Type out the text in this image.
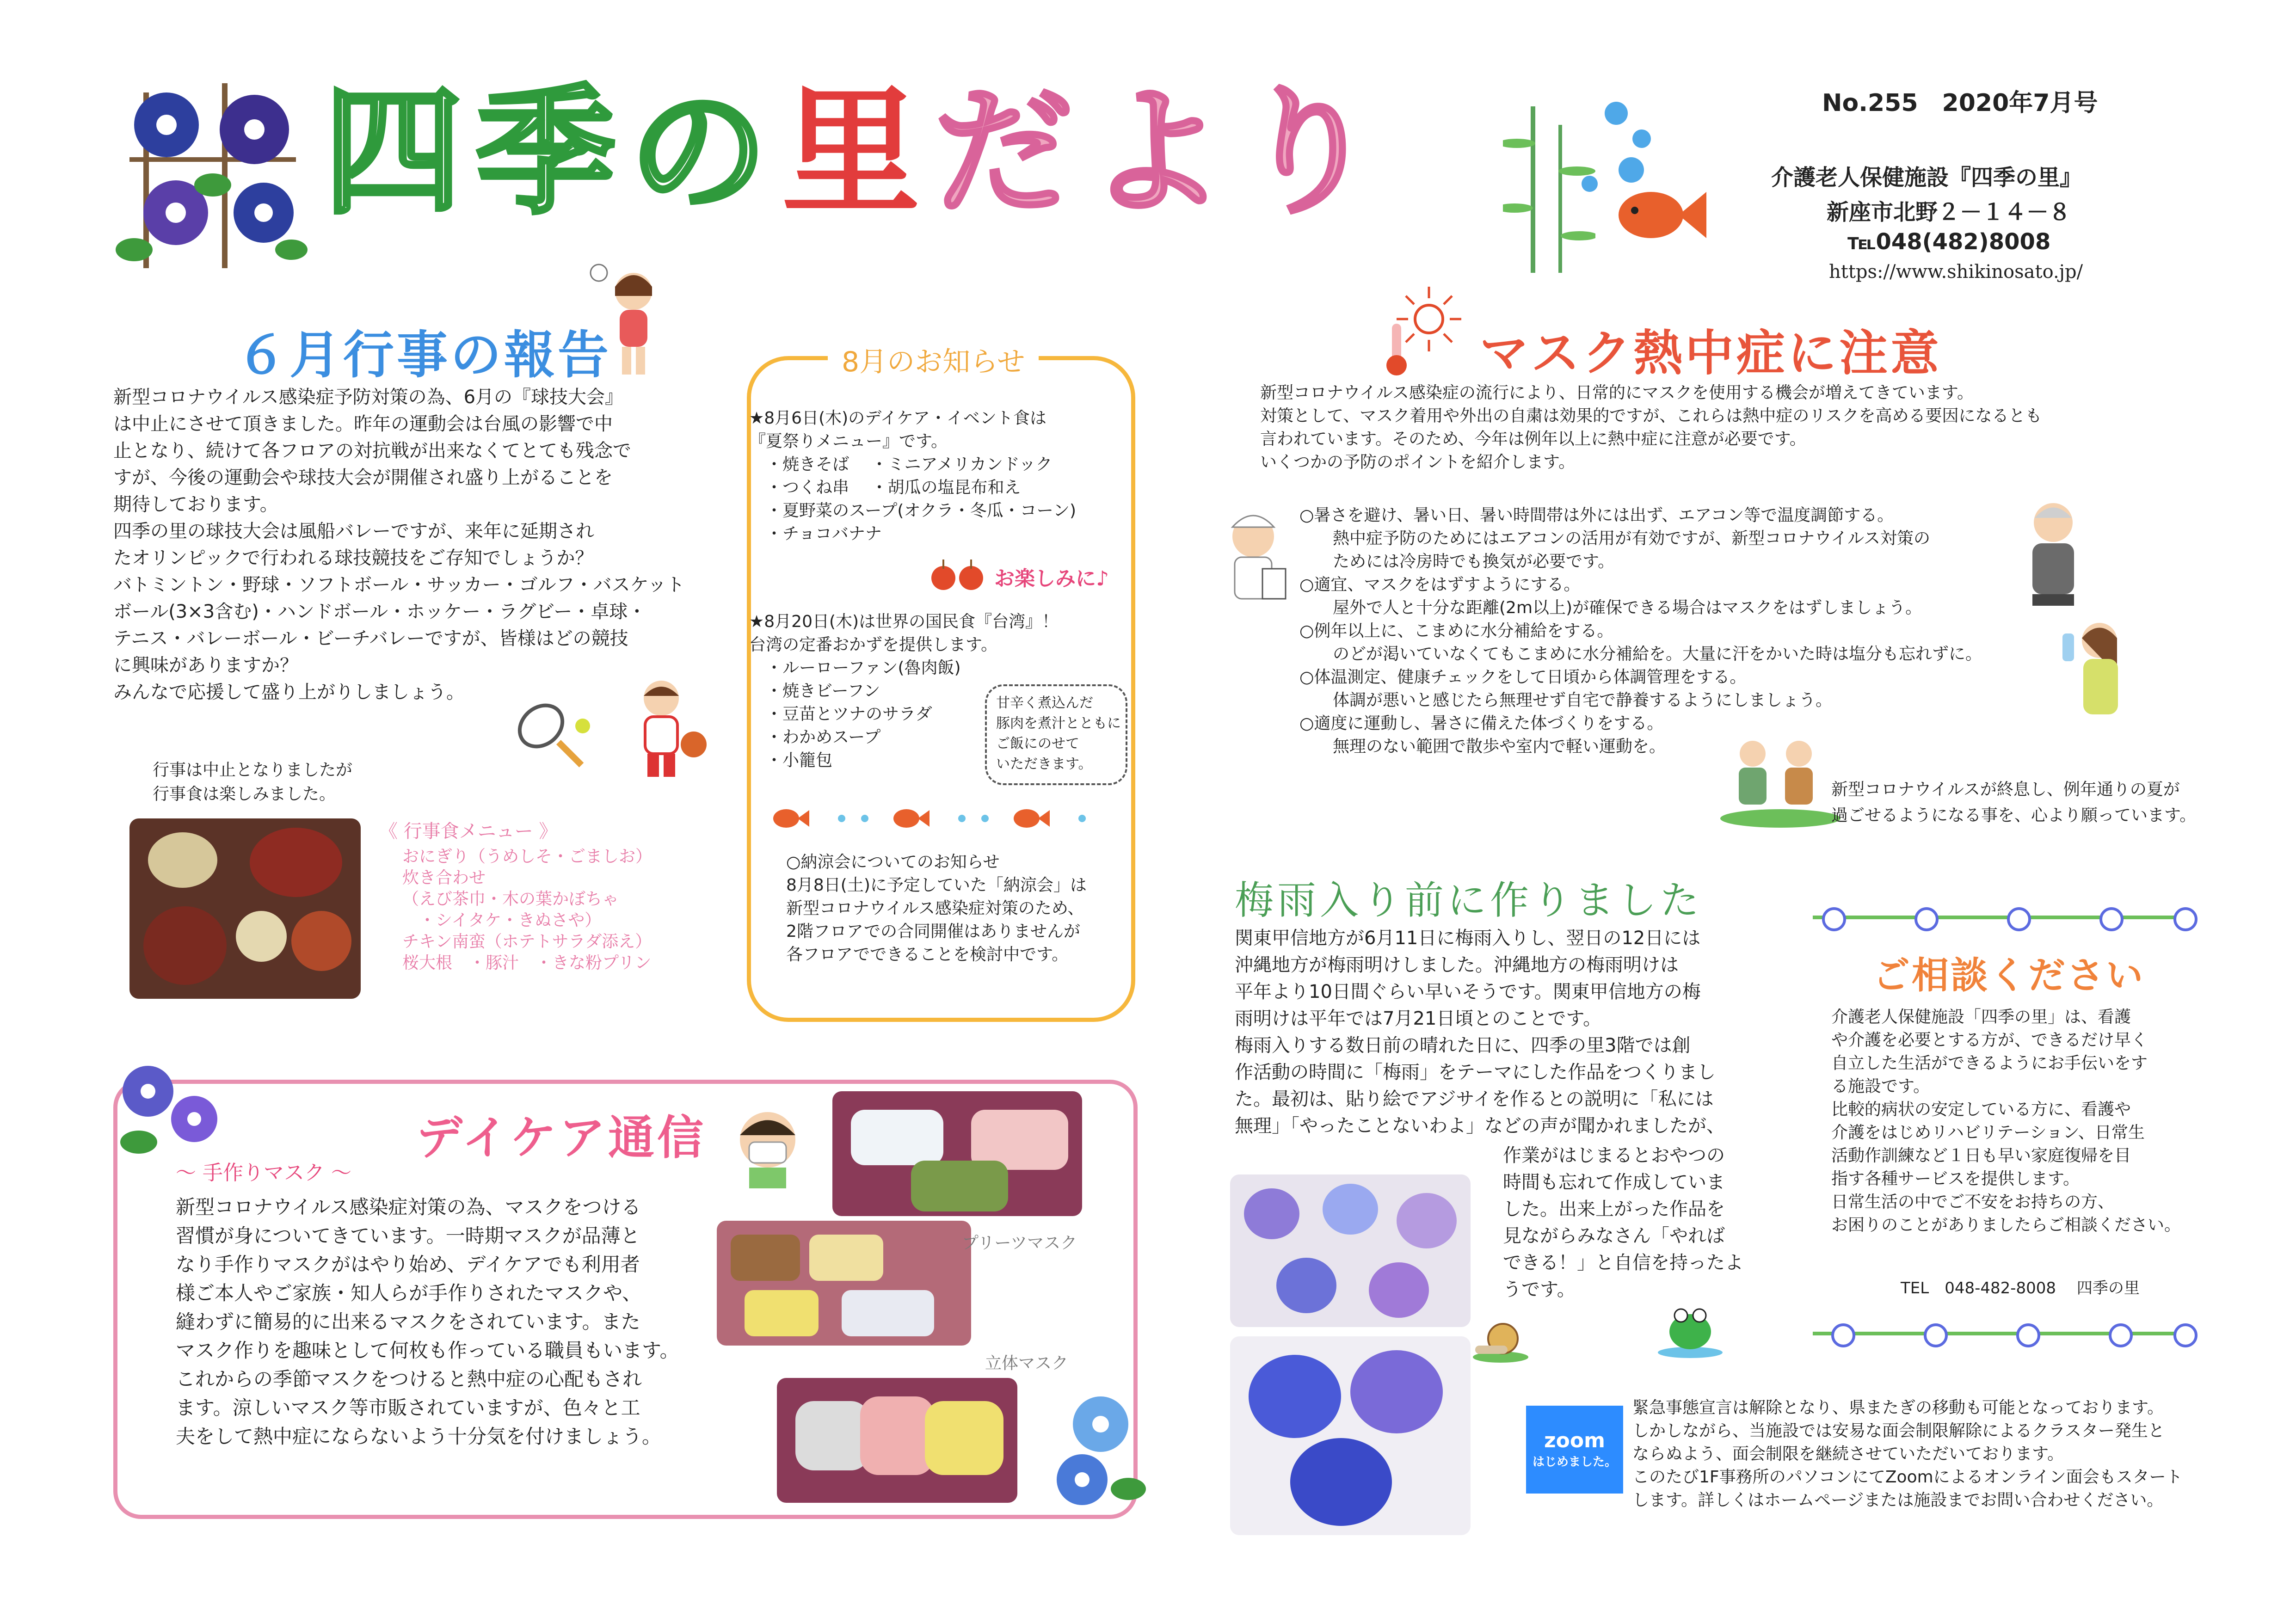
四季の里だより	No.255　2020年7月号
介護老人保健施設『四季の里』
新座市北野２－１４－８
℡048(482)8008
https://www.shikinosato.jp/
６月行事の報告

新型コロナウイルス感染症予防対策の為、6月の『球技大会』
は中止にさせて頂きました。昨年の運動会は台風の影響で中
止となり、続けて各フロアの対抗戦が出来なくてとても残念で
すが、今後の運動会や球技大会が開催され盛り上がることを
期待しております。
四季の里の球技大会は風船バレーですが、来年に延期され
たオリンピックで行われる球技競技をご存知でしょうか？
バトミントン・野球・ソフトボール・サッカー・ゴルフ・バスケット
ボール(3×3含む)・ハンドボール・ホッケー・ラグビー・卓球・
テニス・バレーボール・ビーチバレーですが、皆様はどの競技
に興味がありますか？
みんなで応援して盛り上がりしましょう。

行事は中止となりましたが
行事食は楽しみました。

《 行事食メニュー 》

おにぎり（うめしそ・ごましお）
炊き合わせ
（えび茶巾・木の葉かぼちゃ
　・シイタケ・きぬさや）
チキン南蛮（ホテトサラダ添え）
桜大根　・豚汁　・きな粉プリン

8月のお知らせ

★8月6日(木)のデイケア・イベント食は
『夏祭りメニュー』です。
　・焼きそば　 ・ミニアメリカンドック
　・つくね串　 ・胡瓜の塩昆布和え
　・夏野菜のスープ(オクラ・冬瓜・コーン)
　・チョコバナナ

お楽しみに♪

★8月20日(木)は世界の国民食『台湾』！
台湾の定番おかずを提供します。
　・ルーローファン(魯肉飯)
　・焼きビーフン
　・豆苗とツナのサラダ
　・わかめスープ
　・小籠包

甘辛く煮込んだ
豚肉を煮汁とともに
ご飯にのせて
いただきます。

○納涼会についてのお知らせ
8月8日(土)に予定していた「納涼会」は
新型コロナウイルス感染症対策のため、
2階フロアでの合同開催はありませんが
各フロアでできることを検討中です。

マスク熱中症に注意

新型コロナウイルス感染症の流行により、日常的にマスクを使用する機会が増えてきています。
対策として、マスク着用や外出の自粛は効果的ですが、これらは熱中症のリスクを高める要因になるとも
言われています。そのため、今年は例年以上に熱中症に注意が必要です。
いくつかの予防のポイントを紹介します。

○暑さを避け、暑い日、暑い時間帯は外には出ず、エアコン等で温度調節する。
　　熱中症予防のためにはエアコンの活用が有効ですが、新型コロナウイルス対策の
　　ためには冷房時でも換気が必要です。
○適宜、マスクをはずすようにする。
　　屋外で人と十分な距離(2m以上)が確保できる場合はマスクをはずしましょう。
○例年以上に、こまめに水分補給をする。
　　のどが渇いていなくてもこまめに水分補給を。大量に汗をかいた時は塩分も忘れずに。
○体温測定、健康チェックをして日頃から体調管理をする。
　　体調が悪いと感じたら無理せず自宅で静養するようにしましょう。
○適度に運動し、暑さに備えた体づくりをする。
　　無理のない範囲で散歩や室内で軽い運動を。

新型コロナウイルスが終息し、例年通りの夏が
過ごせるようになる事を、心より願っています。

梅雨入り前に作りました

関東甲信地方が6月11日に梅雨入りし、翌日の12日には
沖縄地方が梅雨明けしました。沖縄地方の梅雨明けは
平年より10日間ぐらい早いそうです。関東甲信地方の梅
雨明けは平年では7月21日頃とのことです。
梅雨入りする数日前の晴れた日に、四季の里3階では創
作活動の時間に「梅雨」をテーマにした作品をつくりまし
た。最初は、貼り絵でアジサイを作るとの説明に「私には
無理」「やったことないわよ」などの声が聞かれましたが、

作業がはじまるとおやつの
時間も忘れて作成していま
した。出来上がった作品を
見ながらみなさん「やれば
できる！」と自信を持ったよ
うです。

ご相談ください

介護老人保健施設「四季の里」は、看護
や介護を必要とする方が、できるだけ早く
自立した生活ができるようにお手伝いをす
る施設です。
比較的病状の安定している方に、看護や
介護をはじめリハビリテーション、日常生
活動作訓練など１日も早い家庭復帰を目
指す各種サービスを提供します。
日常生活の中でご不安をお持ちの方、
お困りのことがありましたらご相談ください。

TEL　048-482-8008　 四季の里
デイケア通信
～ 手作りマスク ～

新型コロナウイルス感染症対策の為、マスクをつける
習慣が身についてきています。一時期マスクが品薄と
なり手作りマスクがはやり始め、デイケアでも利用者
様ご本人やご家族・知人らが手作りされたマスクや、
縫わずに簡易的に出来るマスクをされています。また
マスク作りを趣味として何枚も作っている職員もいます。
これからの季節マスクをつけると熱中症の心配もされ
ます。涼しいマスク等市販されていますが、色々と工
夫をして熱中症にならないよう十分気を付けましょう。

プリーツマスク
立体マスク
zoom
はじめました。

緊急事態宣言は解除となり、県またぎの移動も可能となっております。
しかしながら、当施設では安易な面会制限解除によるクラスター発生と
ならぬよう、面会制限を継続させていただいております。
このたび1F事務所のパソコンにてZoomによるオンライン面会もスタート
します。詳しくはホームページまたは施設までお問い合わせください。
